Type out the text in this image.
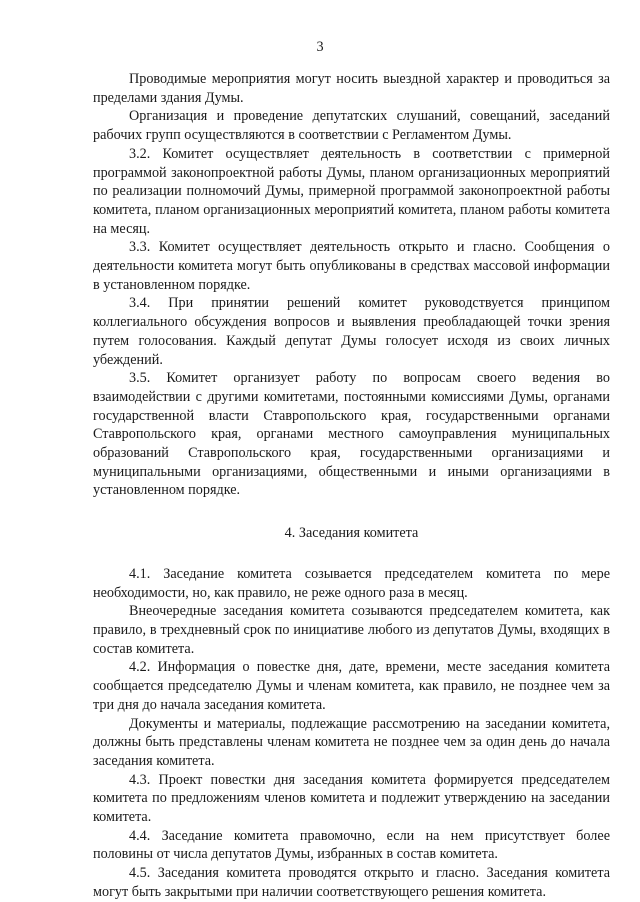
3

Проводимые мероприятия могут носить выездной характер и проводиться за пределами здания Думы.

Организация и проведение депутатских слушаний, совещаний, заседаний рабочих групп осуществляются в соответствии с Регламентом Думы.

3.2. Комитет осуществляет деятельность в соответствии с примерной программой законопроектной работы Думы, планом организационных мероприятий по реализации полномочий Думы, примерной программой законопроектной работы комитета, планом организационных мероприятий комитета, планом работы комитета на месяц.

3.3. Комитет осуществляет деятельность открыто и гласно. Сообщения о деятельности комитета могут быть опубликованы в средствах массовой информации в установленном порядке.

3.4. При принятии решений комитет руководствуется принципом коллегиального обсуждения вопросов и выявления преобладающей точки зрения путем голосования. Каждый депутат Думы голосует исходя из своих личных убеждений.

3.5. Комитет организует работу по вопросам своего ведения во взаимодействии с другими комитетами, постоянными комиссиями Думы, органами государственной власти Ставропольского края, государственными органами Ставропольского края, органами местного самоуправления муниципальных образований Ставропольского края, государственными организациями и муниципальными организациями, общественными и иными организациями в установленном порядке.

4. Заседания комитета

4.1. Заседание комитета созывается председателем комитета по мере необходимости, но, как правило, не реже одного раза в месяц.

Внеочередные заседания комитета созываются председателем комитета, как правило, в трехдневный срок по инициативе любого из депутатов Думы, входящих в состав комитета.

4.2. Информация о повестке дня, дате, времени, месте заседания комитета сообщается председателю Думы и членам комитета, как правило, не позднее чем за три дня до начала заседания комитета.

Документы и материалы, подлежащие рассмотрению на заседании комитета, должны быть представлены членам комитета не позднее чем за один день до начала заседания комитета.

4.3. Проект повестки дня заседания комитета формируется председателем комитета по предложениям членов комитета и подлежит утверждению на заседании комитета.

4.4. Заседание комитета правомочно, если на нем присутствует более половины от числа депутатов Думы, избранных в состав комитета.

4.5. Заседания комитета проводятся открыто и гласно. Заседания комитета могут быть закрытыми при наличии соответствующего решения комитета.
